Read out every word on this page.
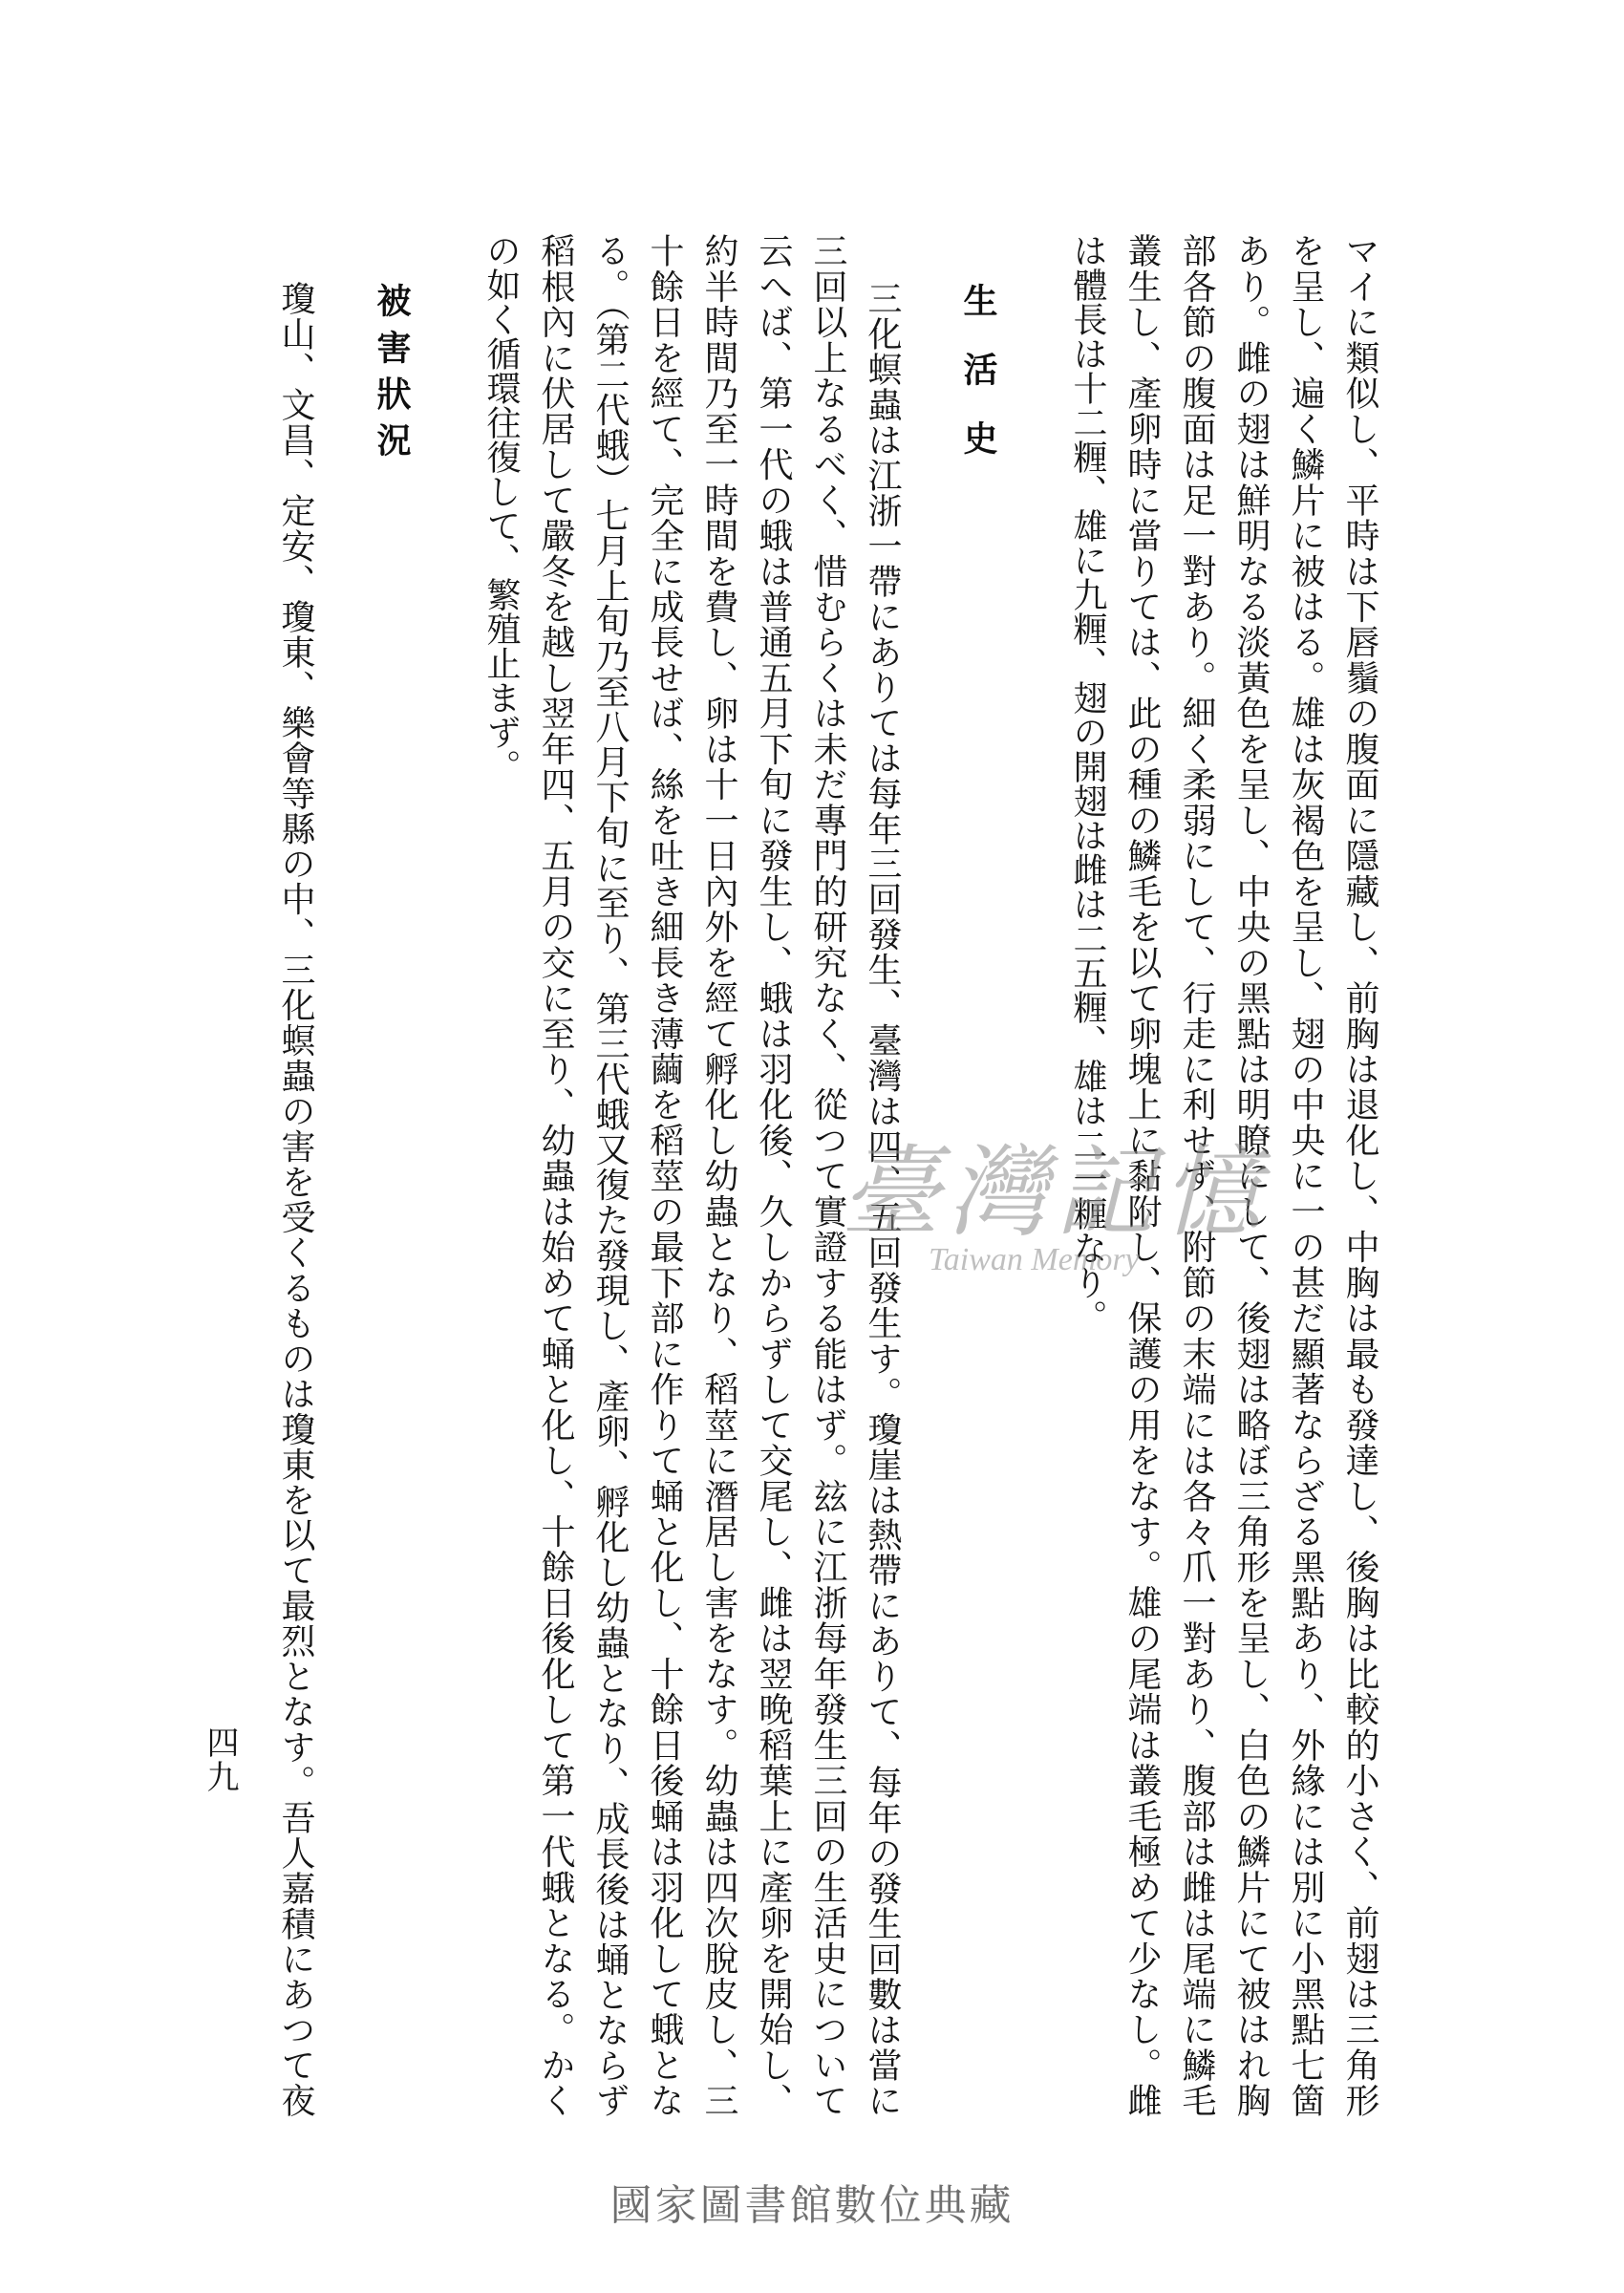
マイに類似し、平時は下唇鬚の腹面に隱藏し、前胸は退化し、中胸は最も發達し、後胸は比較的小さく、前翅は三角形
を呈し、遍く鱗片に被はる。雄は灰褐色を呈し、翅の中央に一の甚だ顯著ならざる黑點あり、外緣には別に小黑點七箇
あり。雌の翅は鮮明なる淡黃色を呈し、中央の黑點は明瞭にして、後翅は略ぼ三角形を呈し、白色の鱗片にて被はれ胸
部各節の腹面は足一對あり。細く柔弱にして、行走に利せず、附節の末端には各々爪一對あり、腹部は雌は尾端に鱗毛
叢生し、產卵時に當りては、此の種の鱗毛を以て卵塊上に黏附し、保護の用をなす。雄の尾端は叢毛極めて少なし。雌
は體長は十二糎、雄に九糎、翅の開翅は雌は二五糎、雄は二一糎なり。
生活史
三化螟蟲は江浙一帶にありては每年三回發生、臺灣は四、五回發生す。瓊崖は熱帶にありて、每年の發生回數は當に
三回以上なるべく、惜むらくは未だ專門的研究なく、從つて實證する能はず。玆に江浙每年發生三回の生活史について
云へば、第一代の蛾は普通五月下旬に發生し、蛾は羽化後、久しからずして交尾し、雌は翌晚稻葉上に產卵を開始し、
約半時間乃至一時間を費し、卵は十一日內外を經て孵化し幼蟲となり、稻莖に潛居し害をなす。幼蟲は四次脫皮し、三
十餘日を經て、完全に成長せば、絲を吐き細長き薄繭を稻莖の最下部に作りて蛹と化し、十餘日後蛹は羽化して蛾とな
る。（第二代蛾）七月上旬乃至八月下旬に至り、第三代蛾又復た發現し、產卵、孵化し幼蟲となり、成長後は蛹とならず
稻根內に伏居して嚴冬を越し翌年四、五月の交に至り、幼蟲は始めて蛹と化し、十餘日後化して第一代蛾となる。かく
の如く循環往復して、繁殖止まず。
被害狀況
瓊山、文昌、定安、瓊東、樂會等縣の中、三化螟蟲の害を受くるものは瓊東を以て最烈となす。吾人嘉積にあつて夜
四九
臺灣記憶
Taiwan Memory
國家圖書館數位典藏
